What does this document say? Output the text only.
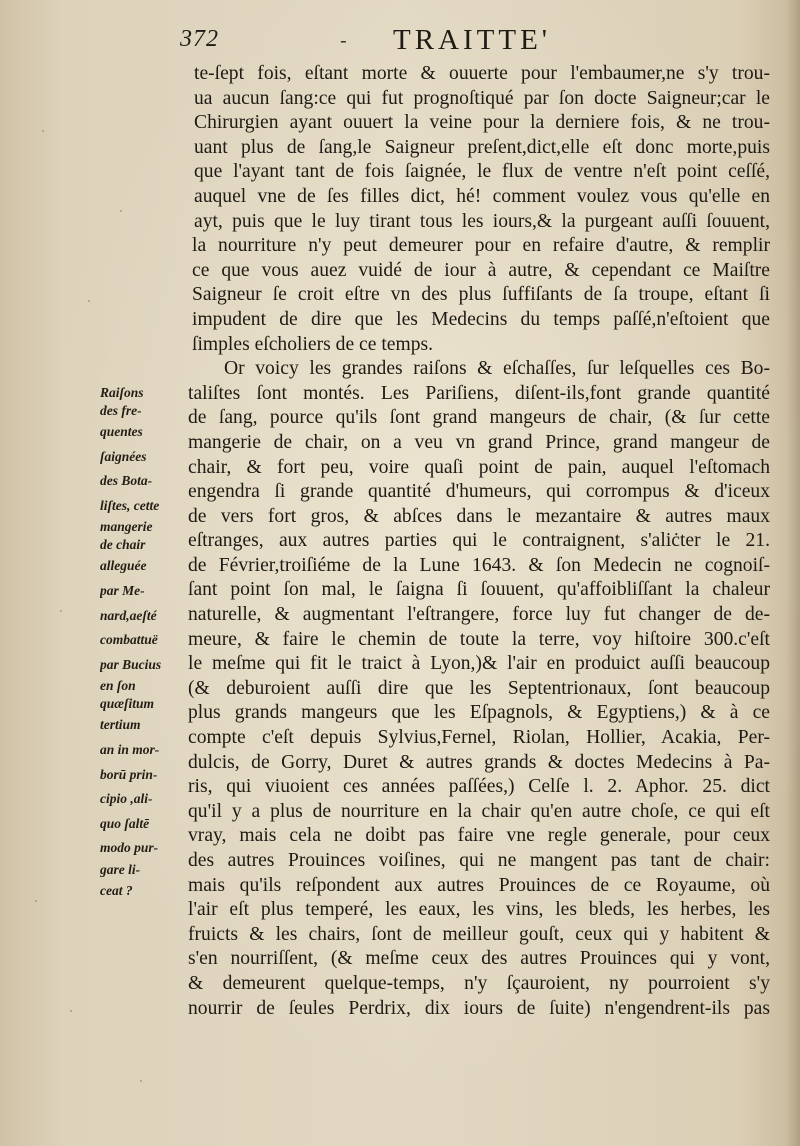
372	‑ TRAITTE'
te-ſept fois, eſtant morte & ouuerte pour l'embaumer,ne s'y trou-
ua aucun ſang:ce qui fut prognoſtiqué par ſon docte Saigneur;car le
Chirurgien ayant ouuert la veine pour la derniere fois, & ne trou-
uant plus de ſang,le Saigneur preſent,dict,elle eſt donc morte,puis
que l'ayant tant de fois ſaignée, le flux de ventre n'eſt point ceſſé,
auquel vne de ſes filles dict, hé! comment voulez vous qu'elle en
ayt, puis que le luy tirant tous les iours,& la purgeant auſſi ſouuent,
la nourriture n'y peut demeurer pour en refaire d'autre, & remplir
ce que vous auez vuidé de iour à autre, & cependant ce Maiſtre
Saigneur ſe croit eſtre vn des plus ſuffiſants de ſa troupe, eſtant ſi
impudent de dire que les Medecins du temps paſſé,n'eſtoient que
ſimples eſcholiers de ce temps.
Or voicy les grandes raiſons & eſchaſſes, ſur leſquelles ces Bo-
taliſtes ſont montés. Les Pariſiens, diſent-ils,font grande quantité
de ſang, pource qu'ils ſont grand mangeurs de chair, (& ſur cette
mangerie de chair, on a veu vn grand Prince, grand mangeur de
chair, & fort peu, voire quaſi point de pain, auquel l'eſtomach
engendra ſi grande quantité d'humeurs, qui corrompus & d'iceux
de vers fort gros, & abſces dans le mezantaire & autres maux
eſtranges, aux autres parties qui le contraignent, s'aliċter le 21.
de Février,troiſiéme de la Lune 1643. & ſon Medecin ne cognoiſ-
ſant point ſon mal, le ſaigna ſi ſouuent, qu'affoibliſſant la chaleur
naturelle, & augmentant l'eſtrangere, force luy fut changer de de-
meure, & faire le chemin de toute la terre, voy hiſtoire 300.c'eſt
le meſme qui fit le traict à Lyon,)& l'air en produict auſſi beaucoup
(& deburoient auſſi dire que les Septentrionaux, ſont beaucoup
plus grands mangeurs que les Eſpagnols, & Egyptiens,) & à ce
compte c'eſt depuis Sylvius,Fernel, Riolan, Hollier, Acakia, Per-
dulcis, de Gorry, Duret & autres grands & doctes Medecins à Pa-
ris, qui viuoient ces années paſſées,) Celſe l. 2. Aphor. 25. dict
qu'il y a plus de nourriture en la chair qu'en autre choſe, ce qui eſt
vray, mais cela ne doibt pas faire vne regle generale, pour ceux
des autres Prouinces voiſines, qui ne mangent pas tant de chair:
mais qu'ils reſpondent aux autres Prouinces de ce Royaume, où
l'air eſt plus temperé, les eaux, les vins, les bleds, les herbes, les
fruicts & les chairs, ſont de meilleur gouſt, ceux qui y habitent &
s'en nourriſſent, (& meſme ceux des autres Prouinces qui y vont,
& demeurent quelque-temps, n'y ſçauroient, ny pourroient s'y
nourrir de ſeules Perdrix, dix iours de ſuite) n'engendrent-ils pas
Raiſons
des fre-
quentes
ſaignées
des Bota-
liſtes, cette
mangerie
de chair
alleguée
par Me-
nard,aeſté
combattuë
par Bucius
en ſon
quæſitum
tertium
an in mor-
borū prin-
cipio ,ali-
quo ſaltē
modo pur-
gare li-
ceat ?
